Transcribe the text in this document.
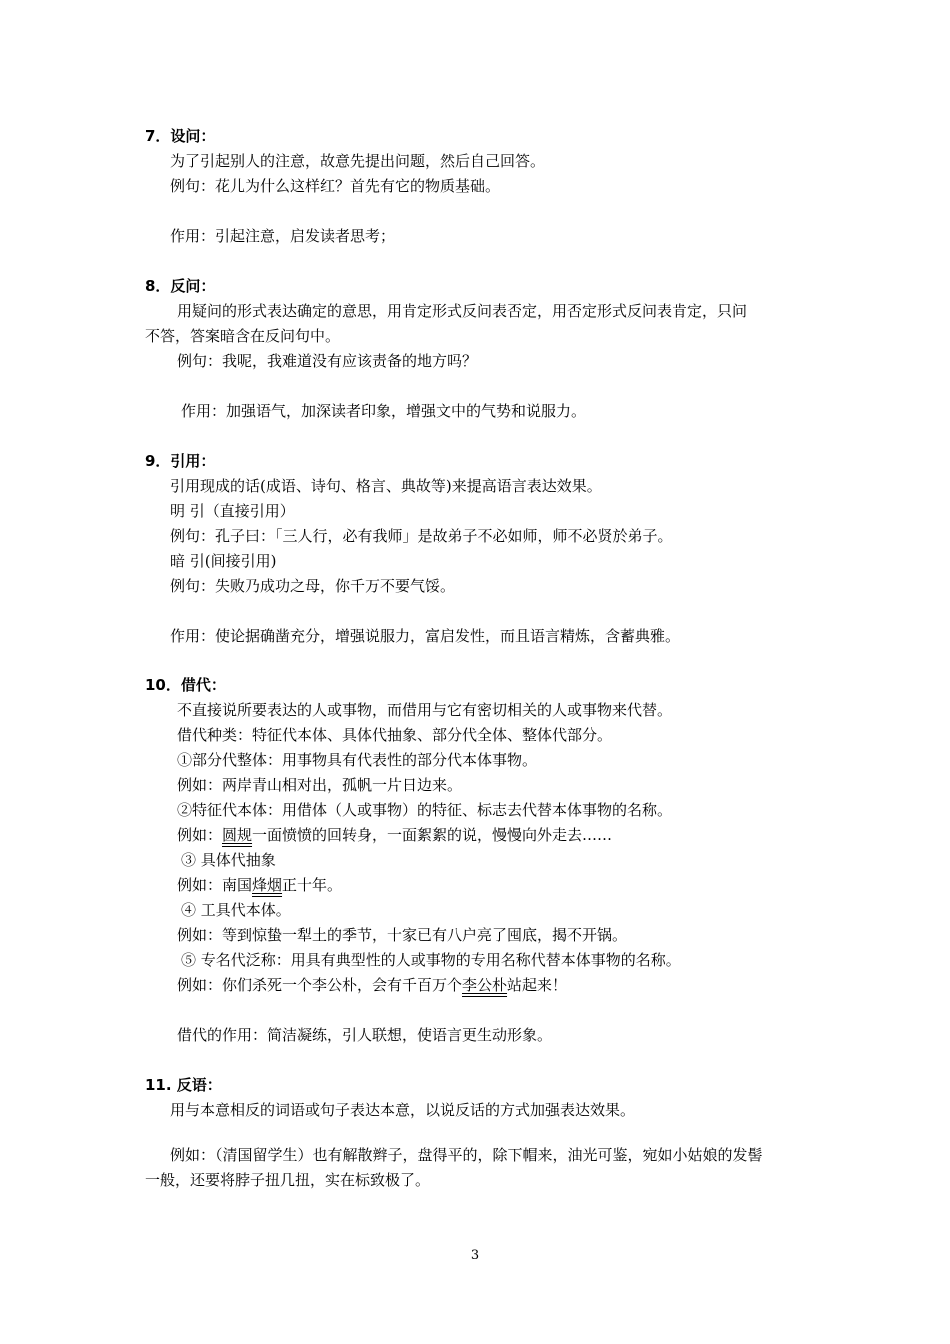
7．设问：
为了引起别人的注意，故意先提出问题，然后自己回答。
例句：花儿为什么这样红？首先有它的物质基础。
作用：引起注意，启发读者思考；
8．反问：
用疑问的形式表达确定的意思，用肯定形式反问表否定，用否定形式反问表肯定，只问
不答，答案暗含在反问句中。
例句：我呢，我难道没有应该责备的地方吗？
作用：加强语气，加深读者印象，增强文中的气势和说服力。
9．引用：
引用现成的话(成语、诗句、格言、典故等)来提高语言表达效果。
明 引（直接引用）
例句：孔子曰：「三人行，必有我师」是故弟子不必如师，师不必贤於弟子。
暗 引(间接引用)
例句：失败乃成功之母，你千万不要气馁。
作用：使论据确凿充分，增强说服力，富启发性，而且语言精炼，含蓄典雅。
10．借代：
不直接说所要表达的人或事物，而借用与它有密切相关的人或事物来代替。
借代种类：特征代本体、具体代抽象、部分代全体、整体代部分。
①部分代整体：用事物具有代表性的部分代本体事物。
例如：两岸青山相对出，孤帆一片日边来。
②特征代本体：用借体（人或事物）的特征、标志去代替本体事物的名称。
例如：圆规一面愤愤的回转身，一面絮絮的说，慢慢向外走去……
③ 具体代抽象
例如：南国烽烟正十年。
④ 工具代本体。
例如：等到惊蛰一犁土的季节，十家已有八户亮了囤底，揭不开锅。
⑤ 专名代泛称：用具有典型性的人或事物的专用名称代替本体事物的名称。
例如：你们杀死一个李公朴，会有千百万个李公朴站起来！
借代的作用：简洁凝练，引人联想，使语言更生动形象。
11. 反语：
用与本意相反的词语或句子表达本意，以说反话的方式加强表达效果。
例如：（清国留学生）也有解散辫子，盘得平的，除下帽来，油光可鉴，宛如小姑娘的发髻
一般，还要将脖子扭几扭，实在标致极了。
3
